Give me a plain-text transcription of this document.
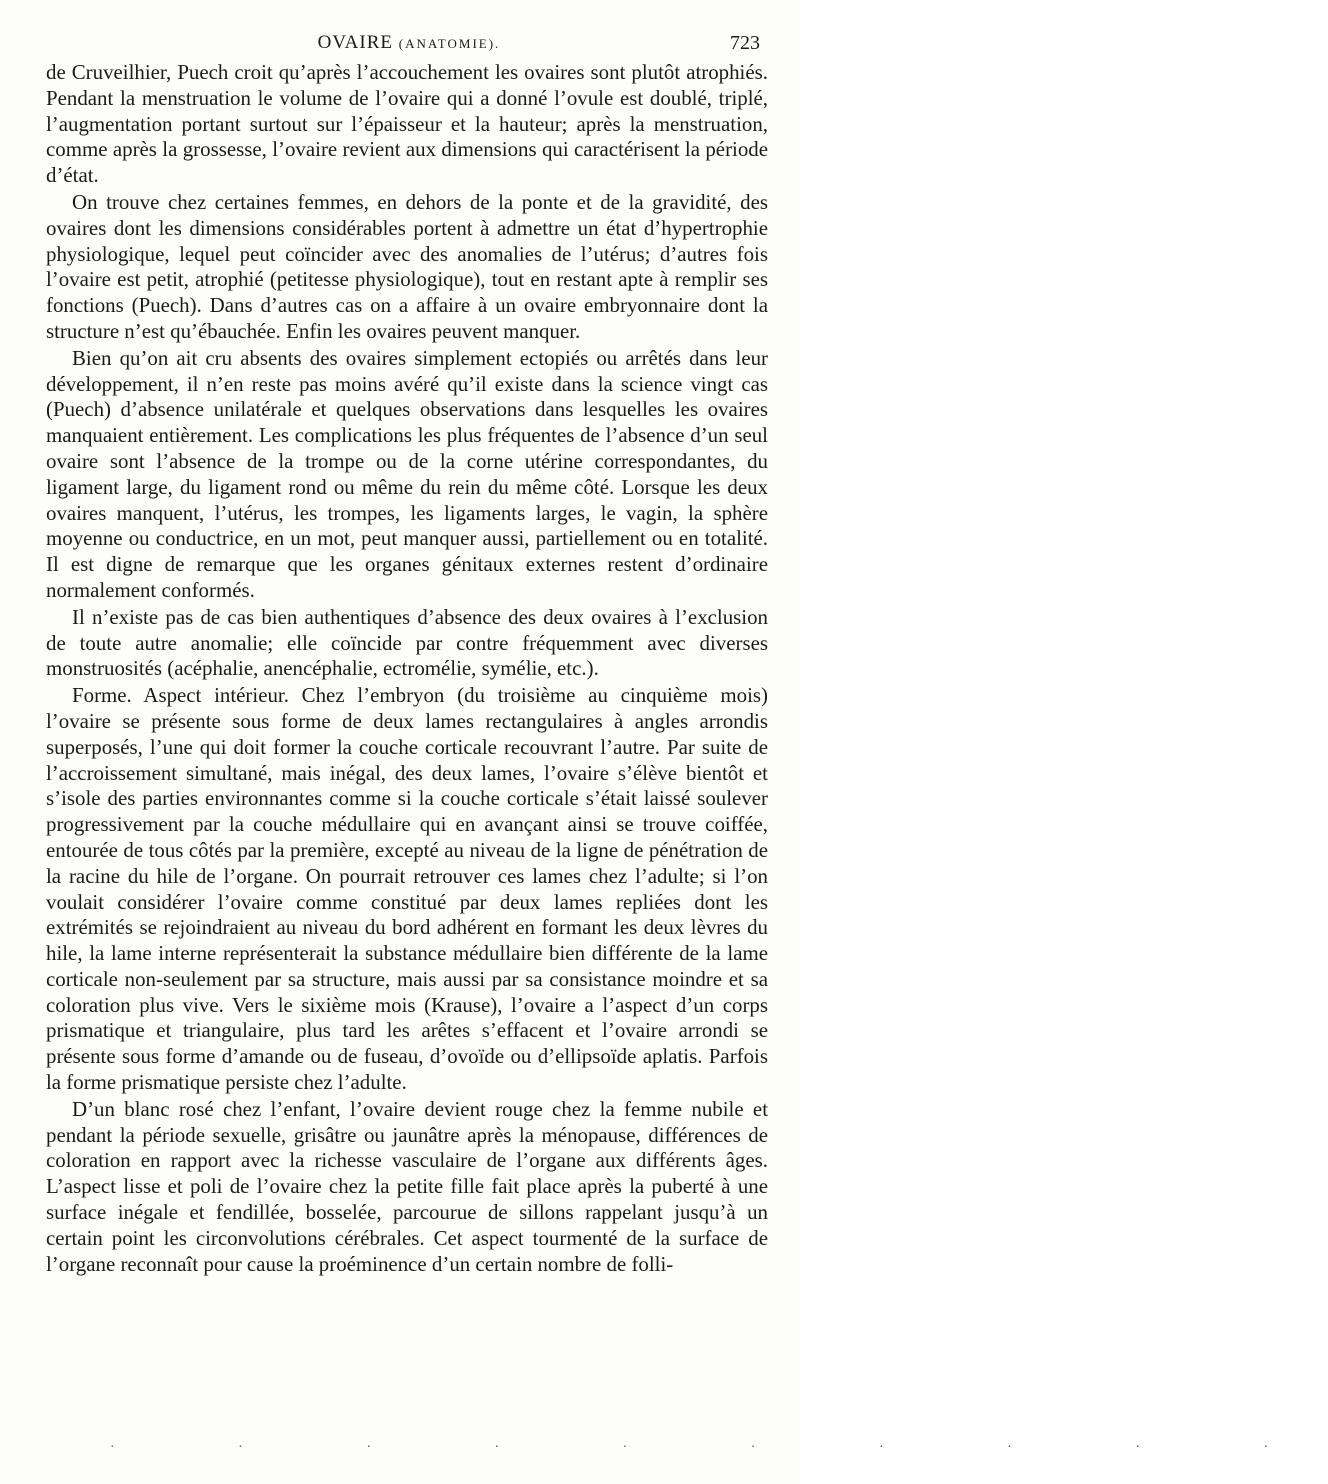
OVAIRE (ANATOMIE).	723

de Cruveilhier, Puech croit qu’après l’accouchement les ovaires sont plutôt atrophiés. Pendant la menstruation le volume de l’ovaire qui a donné l’ovule est doublé, triplé, l’augmentation portant surtout sur l’épaisseur et la hauteur; après la menstruation, comme après la grossesse, l’ovaire revient aux dimensions qui caractérisent la période d’état.

On trouve chez certaines femmes, en dehors de la ponte et de la gravidité, des ovaires dont les dimensions considérables portent à admettre un état d’hypertrophie physiologique, lequel peut coïncider avec des anomalies de l’utérus; d’autres fois l’ovaire est petit, atrophié (petitesse physiologique), tout en restant apte à remplir ses fonctions (Puech). Dans d’autres cas on a affaire à un ovaire embryonnaire dont la structure n’est qu’ébauchée. Enfin les ovaires peuvent manquer.

Bien qu’on ait cru absents des ovaires simplement ectopiés ou arrêtés dans leur développement, il n’en reste pas moins avéré qu’il existe dans la science vingt cas (Puech) d’absence unilatérale et quelques observations dans lesquelles les ovaires manquaient entièrement. Les complications les plus fréquentes de l’absence d’un seul ovaire sont l’absence de la trompe ou de la corne utérine correspondantes, du ligament large, du ligament rond ou même du rein du même côté. Lorsque les deux ovaires manquent, l’utérus, les trompes, les ligaments larges, le vagin, la sphère moyenne ou conductrice, en un mot, peut manquer aussi, partiellement ou en totalité. Il est digne de remarque que les organes génitaux externes restent d’ordinaire normalement conformés.

Il n’existe pas de cas bien authentiques d’absence des deux ovaires à l’exclusion de toute autre anomalie; elle coïncide par contre fréquemment avec diverses monstruosités (acéphalie, anencéphalie, ectromélie, symélie, etc.).

Forme. Aspect intérieur. Chez l’embryon (du troisième au cinquième mois) l’ovaire se présente sous forme de deux lames rectangulaires à angles arrondis superposés, l’une qui doit former la couche corticale recouvrant l’autre. Par suite de l’accroissement simultané, mais inégal, des deux lames, l’ovaire s’élève bientôt et s’isole des parties environnantes comme si la couche corticale s’était laissé soulever progressivement par la couche médullaire qui en avançant ainsi se trouve coiffée, entourée de tous côtés par la première, excepté au niveau de la ligne de pénétration de la racine du hile de l’organe. On pourrait retrouver ces lames chez l’adulte; si l’on voulait considérer l’ovaire comme constitué par deux lames repliées dont les extrémités se rejoindraient au niveau du bord adhérent en formant les deux lèvres du hile, la lame interne représenterait la substance médullaire bien différente de la lame corticale non-seulement par sa structure, mais aussi par sa consistance moindre et sa coloration plus vive. Vers le sixième mois (Krause), l’ovaire a l’aspect d’un corps prismatique et triangulaire, plus tard les arêtes s’effacent et l’ovaire arrondi se présente sous forme d’amande ou de fuseau, d’ovoïde ou d’ellipsoïde aplatis. Parfois la forme prismatique persiste chez l’adulte.

D’un blanc rosé chez l’enfant, l’ovaire devient rouge chez la femme nubile et pendant la période sexuelle, grisâtre ou jaunâtre après la ménopause, différences de coloration en rapport avec la richesse vasculaire de l’organe aux différents âges. L’aspect lisse et poli de l’ovaire chez la petite fille fait place après la puberté à une surface inégale et fendillée, bosselée, parcourue de sillons rappelant jusqu’à un certain point les circonvolutions cérébrales. Cet aspect tourmenté de la surface de l’organe reconnaît pour cause la proéminence d’un certain nombre de folli-

· · · · · · · · · ·
